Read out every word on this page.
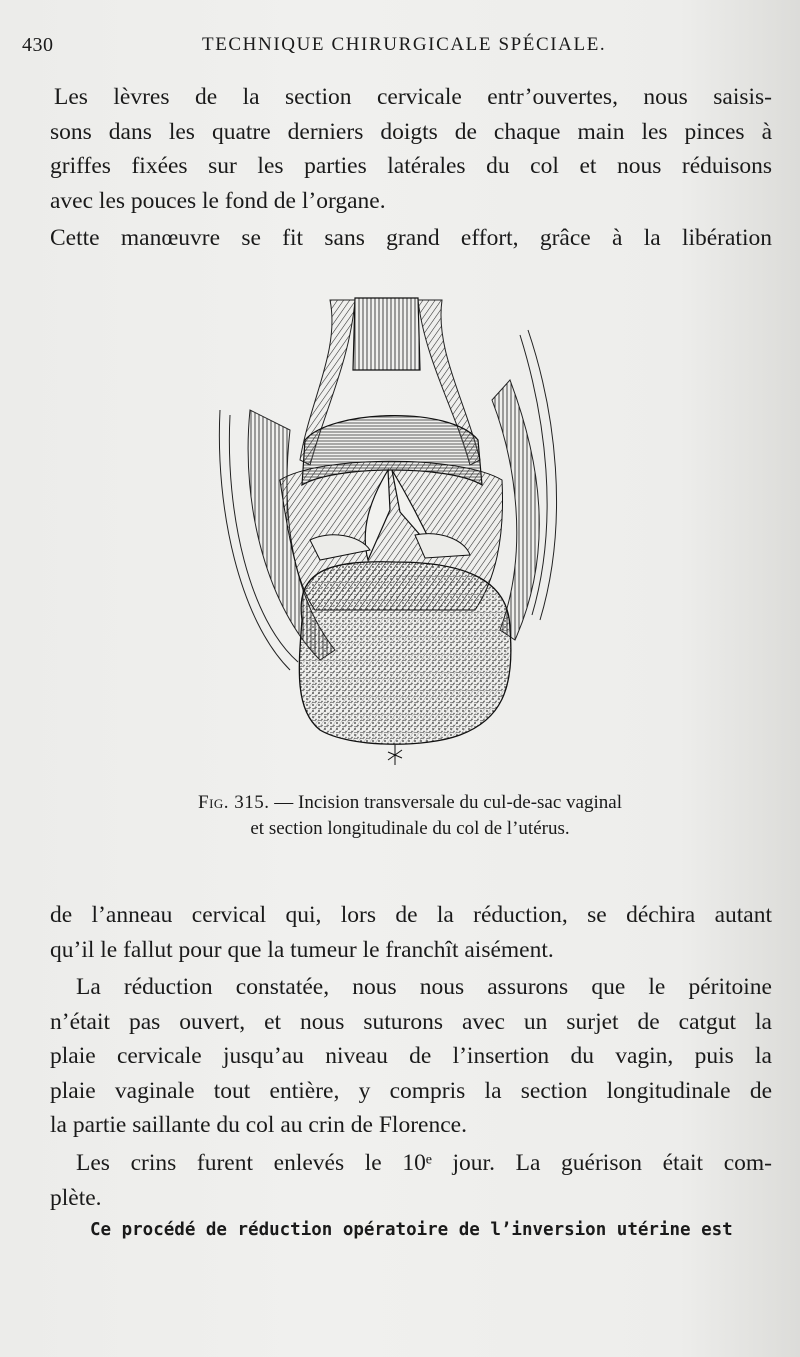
430	TECHNIQUE CHIRURGICALE SPÉCIALE.
Les lèvres de la section cervicale entr’ouvertes, nous saisis-
sons dans les quatre derniers doigts de chaque main les pinces à
griffes fixées sur les parties latérales du col et nous réduisons
avec les pouces le fond de l’organe.
Cette manœuvre se fit sans grand effort, grâce à la libération
Fig. 315. — Incision transversale du cul-de-sac vaginal
et section longitudinale du col de l’utérus.
de l’anneau cervical qui, lors de la réduction, se déchira autant
qu’il le fallut pour que la tumeur le franchît aisément.
La réduction constatée, nous nous assurons que le péritoine
n’était pas ouvert, et nous suturons avec un surjet de catgut la
plaie cervicale jusqu’au niveau de l’insertion du vagin, puis la
plaie vaginale tout entière, y compris la section longitudinale de
la partie saillante du col au crin de Florence.
Les crins furent enlevés le 10ᵉ jour. La guérison était com-
plète.
Ce procédé de réduction opératoire de l’inversion utérine est
